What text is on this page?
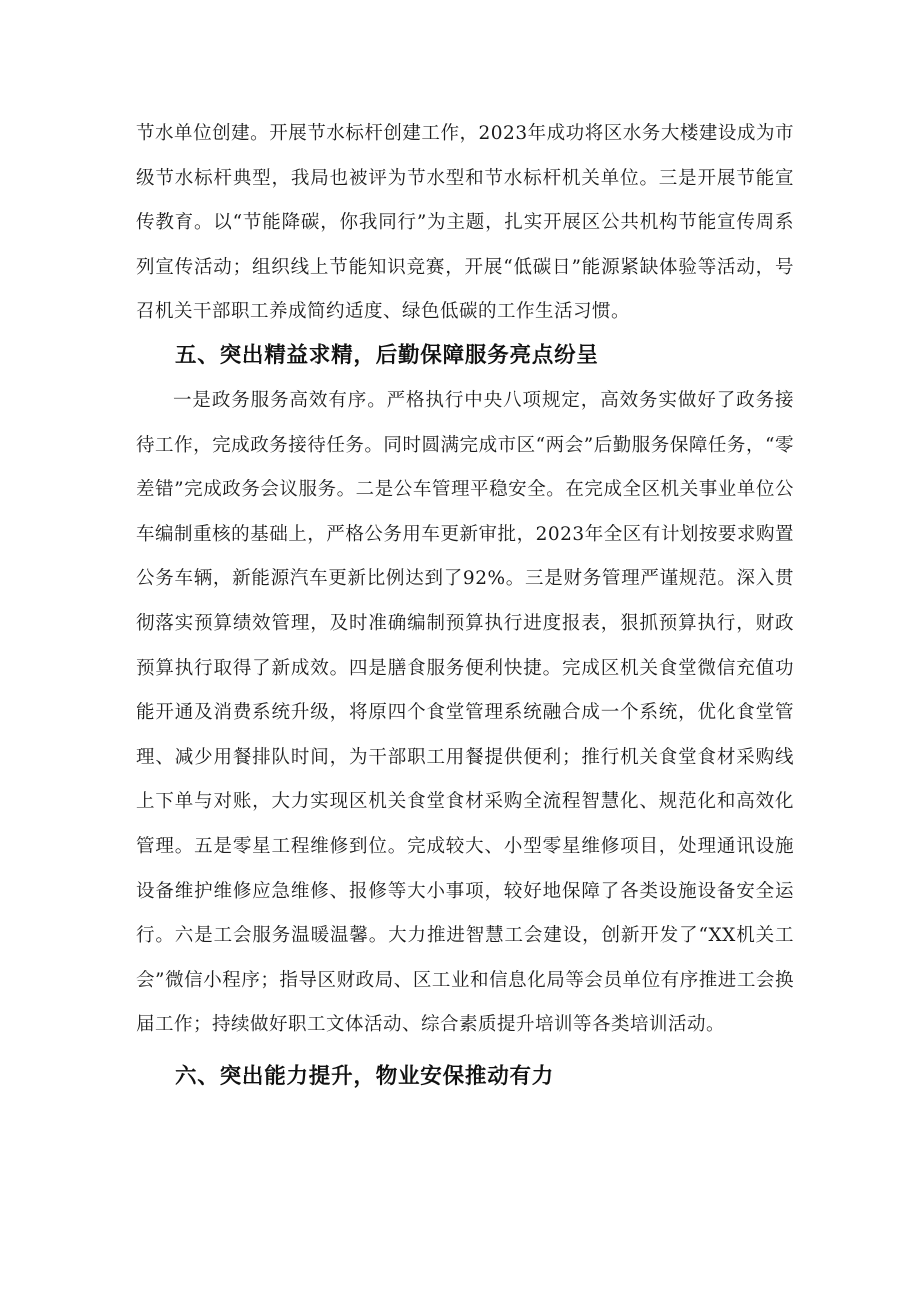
节水单位创建。开展节水标杆创建工作，2023年成功将区水务大楼建设成为市级节水标杆典型，我局也被评为节水型和节水标杆机关单位。三是开展节能宣传教育。以“节能降碳，你我同行”为主题，扎实开展区公共机构节能宣传周系列宣传活动；组织线上节能知识竞赛，开展“低碳日”能源紧缺体验等活动，号召机关干部职工养成简约适度、绿色低碳的工作生活习惯。

五、突出精益求精，后勤保障服务亮点纷呈

一是政务服务高效有序。严格执行中央八项规定，高效务实做好了政务接待工作，完成政务接待任务。同时圆满完成市区“两会”后勤服务保障任务，“零差错”完成政务会议服务。二是公车管理平稳安全。在完成全区机关事业单位公车编制重核的基础上，严格公务用车更新审批，2023年全区有计划按要求购置公务车辆，新能源汽车更新比例达到了92%。三是财务管理严谨规范。深入贯彻落实预算绩效管理，及时准确编制预算执行进度报表，狠抓预算执行，财政预算执行取得了新成效。四是膳食服务便利快捷。完成区机关食堂微信充值功能开通及消费系统升级，将原四个食堂管理系统融合成一个系统，优化食堂管理、减少用餐排队时间，为干部职工用餐提供便利；推行机关食堂食材采购线上下单与对账，大力实现区机关食堂食材采购全流程智慧化、规范化和高效化管理。五是零星工程维修到位。完成较大、小型零星维修项目，处理通讯设施设备维护维修应急维修、报修等大小事项，较好地保障了各类设施设备安全运行。六是工会服务温暖温馨。大力推进智慧工会建设，创新开发了“XX机关工会”微信小程序；指导区财政局、区工业和信息化局等会员单位有序推进工会换届工作；持续做好职工文体活动、综合素质提升培训等各类培训活动。

六、突出能力提升，物业安保推动有力
